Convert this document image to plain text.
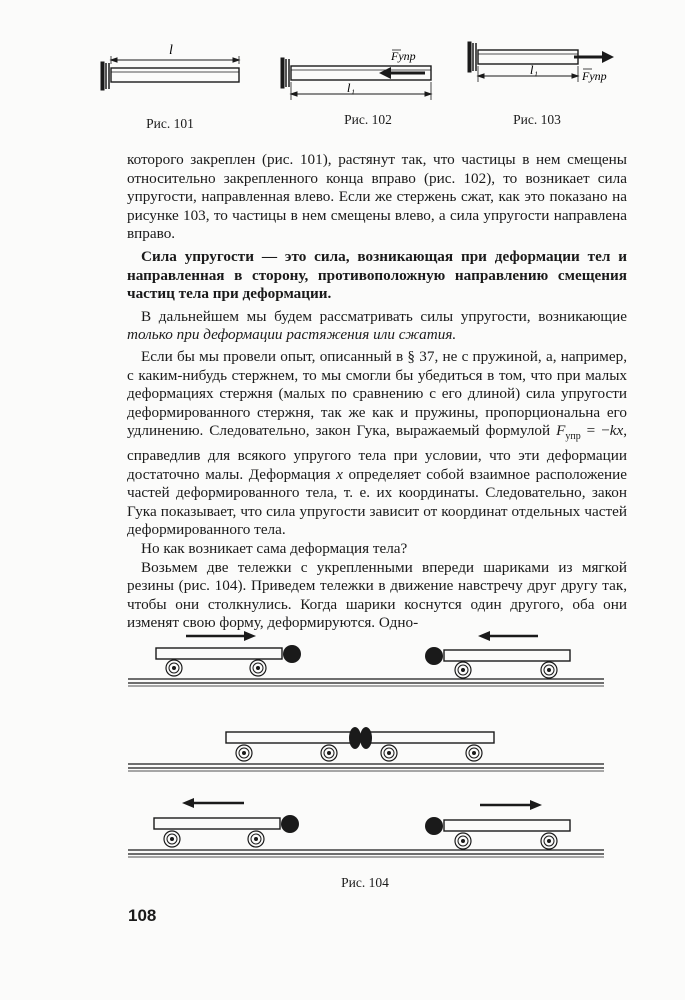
l
Рис. 101
l₁
Fупр
Рис. 102
l₁	Fупр
Рис. 103

которого закреплен (рис. 101), растянут так, что частицы в нем смещены относительно закрепленного конца вправо (рис. 102), то возникает сила упругости, направленная влево. Если же стержень сжат, как это показано на рисунке 103, то частицы в нем смещены влево, а сила упругости направлена вправо.

Сила упругости — это сила, возникающая при деформации тел и направленная в сторону, противоположную направлению смещения частиц тела при деформации.

В дальнейшем мы будем рассматривать силы упругости, возникающие только при деформации растяжения или сжатия.

Если бы мы провели опыт, описанный в § 37, не с пружиной, а, например, с каким-нибудь стержнем, то мы смогли бы убедиться в том, что при малых деформациях стержня (малых по сравнению с его длиной) сила упругости деформированного стержня, так же как и пружины, пропорциональна его удлинению. Следовательно, закон Гука, выражаемый формулой $F_{упр} = -kx$, справедлив для всякого упругого тела при условии, что эти деформации достаточно малы. Деформация x определяет собой взаимное расположение частей деформированного тела, т. е. их координаты. Следовательно, закон Гука показывает, что сила упругости зависит от координат отдельных частей деформированного тела.

Но как возникает сама деформация тела?

Возьмем две тележки с укрепленными впереди шариками из мягкой резины (рис. 104). Приведем тележки в движение навстречу друг другу так, чтобы они столкнулись. Когда шарики коснутся один другого, оба они изменят свою форму, деформируются. Одно-

Рис. 104
108
